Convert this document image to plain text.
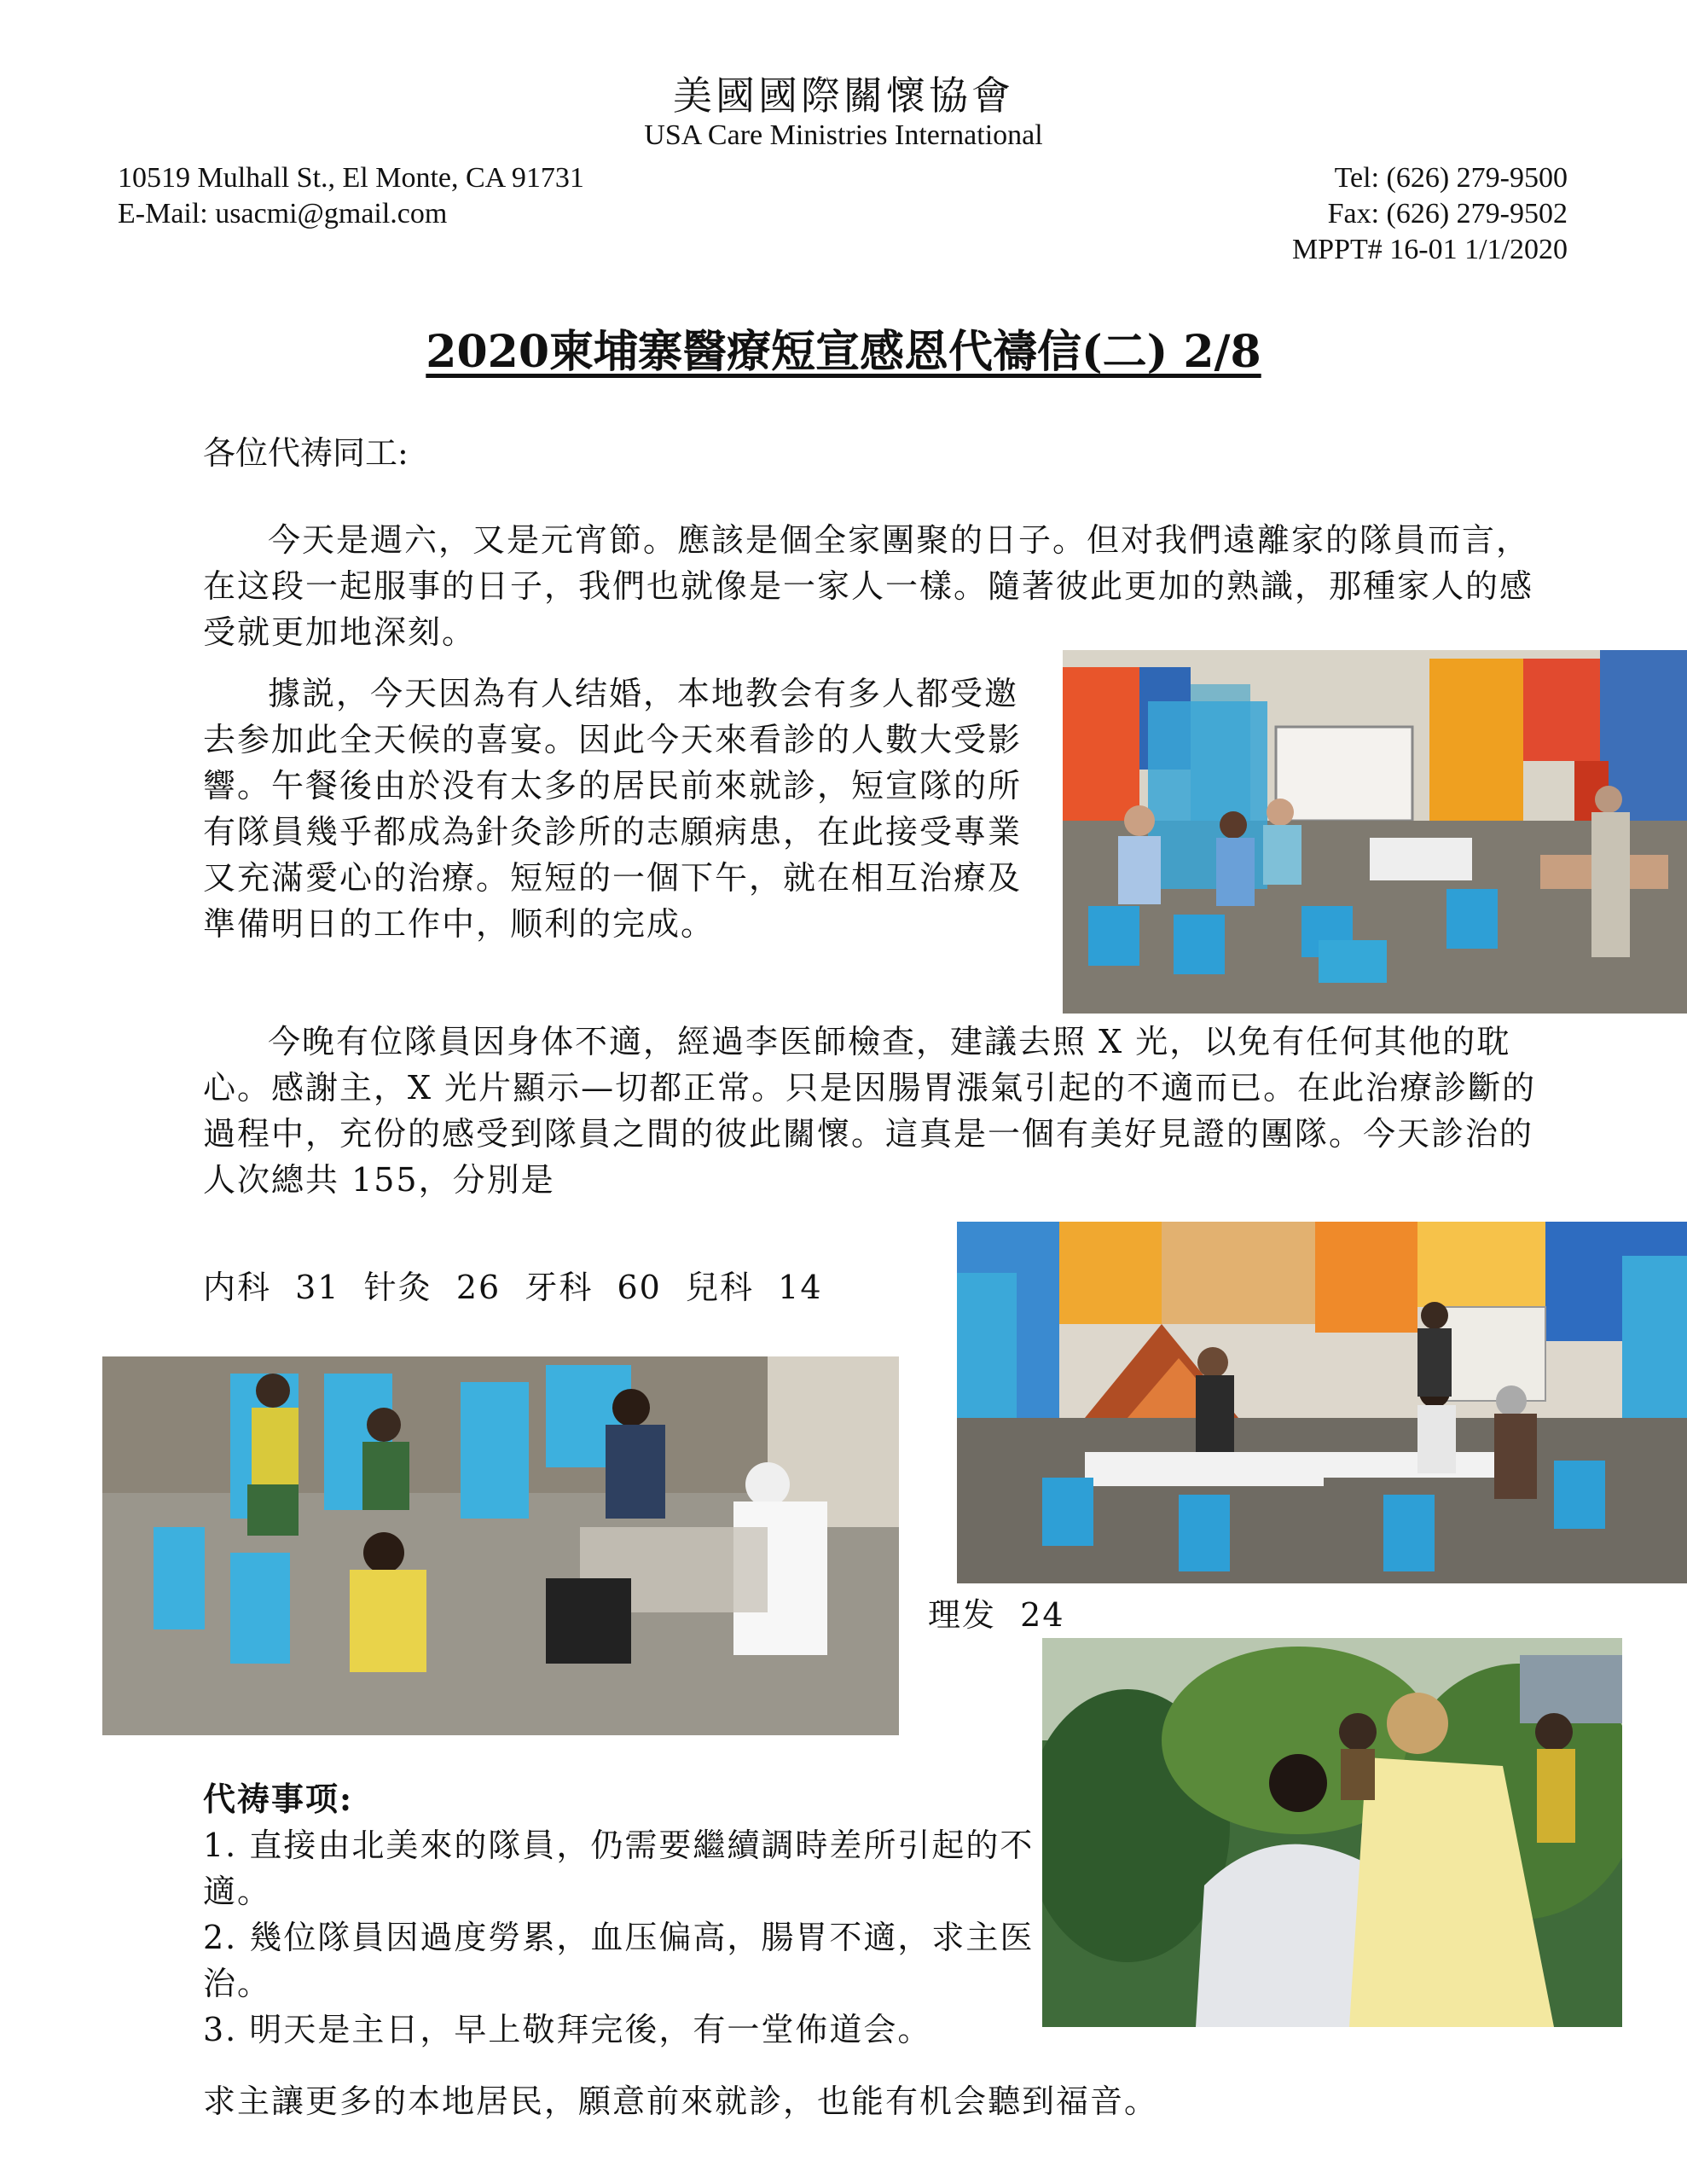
美國國際關懷協會
USA Care Ministries International
10519 Mulhall St., El Monte, CA 91731
E-Mail: usacmi@gmail.com
Tel: (626) 279-9500
Fax: (626) 279-9502
MPPT# 16-01 1/1/2020
2020柬埔寨醫療短宣感恩代禱信(二) 2/8
各位代祷同工:
今天是週六，又是元宵節。應該是個全家團聚的日子。但对我們遠離家的隊員而言，在这段一起服事的日子，我們也就像是一家人一樣。隨著彼此更加的熟識，那種家人的感受就更加地深刻。
據説，今天因為有人结婚，本地教会有多人都受邀去参加此全天候的喜宴。因此今天來看診的人數大受影響。午餐後由於没有太多的居民前來就診，短宣隊的所有隊員幾乎都成為針灸診所的志願病患，在此接受專業又充滿愛心的治療。短短的一個下午，就在相互治療及準備明日的工作中，顺利的完成。
今晚有位隊員因身体不適，經過李医師檢查，建議去照 X 光，以免有任何其他的耽心。感謝主，X 光片顯示—切都正常。只是因腸胃漲氣引起的不適而已。在此治療診斷的過程中，充份的感受到隊員之間的彼此關懷。這真是一個有美好見證的團隊。今天診治的人次總共 155，分別是
内科  31  针灸  26  牙科  60  兒科  14
理发  24
代祷事项:
1. 直接由北美來的隊員，仍需要繼續調時差所引起的不適。
2. 幾位隊員因過度勞累，血压偏高，腸胃不適，求主医治。
3. 明天是主日，早上敬拜完後，有一堂佈道会。
求主讓更多的本地居民，願意前來就診，也能有机会聽到福音。
